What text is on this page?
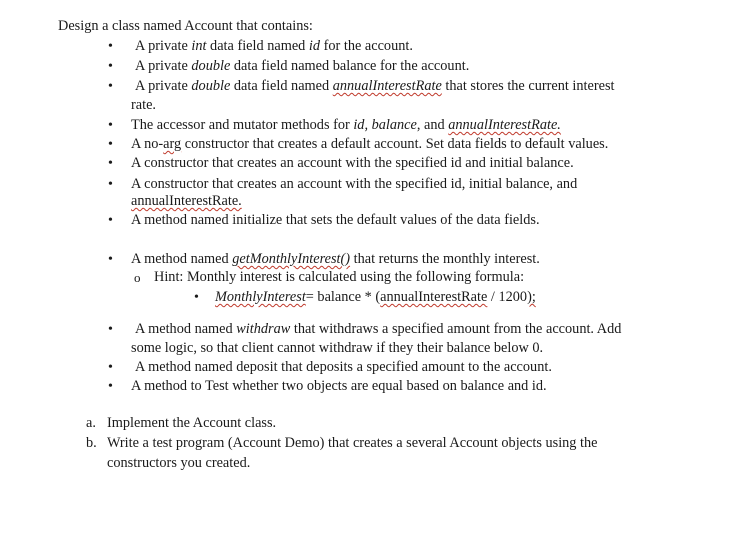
Design a class named Account that contains:
• A private int data field named id for the account.
• A private double data field named balance for the account.
• A private double data field named annualInterestRate that stores the current interest
rate.
• The accessor and mutator methods for id, balance, and annualInterestRate.
• A no-arg constructor that creates a default account. Set data fields to default values.
• A constructor that creates an account with the specified id and initial balance.
• A constructor that creates an account with the specified id, initial balance, and
annualInterestRate.
• A method named initialize that sets the default values of the data fields.
• A method named getMonthlyInterest() that returns the monthly interest.
o Hint: Monthly interest is calculated using the following formula:
• MonthlyInterest= balance * (annualInterestRate / 1200);
• A method named withdraw that withdraws a specified amount from the account. Add
some logic, so that client cannot withdraw if they their balance below 0.
• A method named deposit that deposits a specified amount to the account.
• A method to Test whether two objects are equal based on balance and id.
a. Implement the Account class.
b. Write a test program (Account Demo) that creates a several Account objects using the
constructors you created.
